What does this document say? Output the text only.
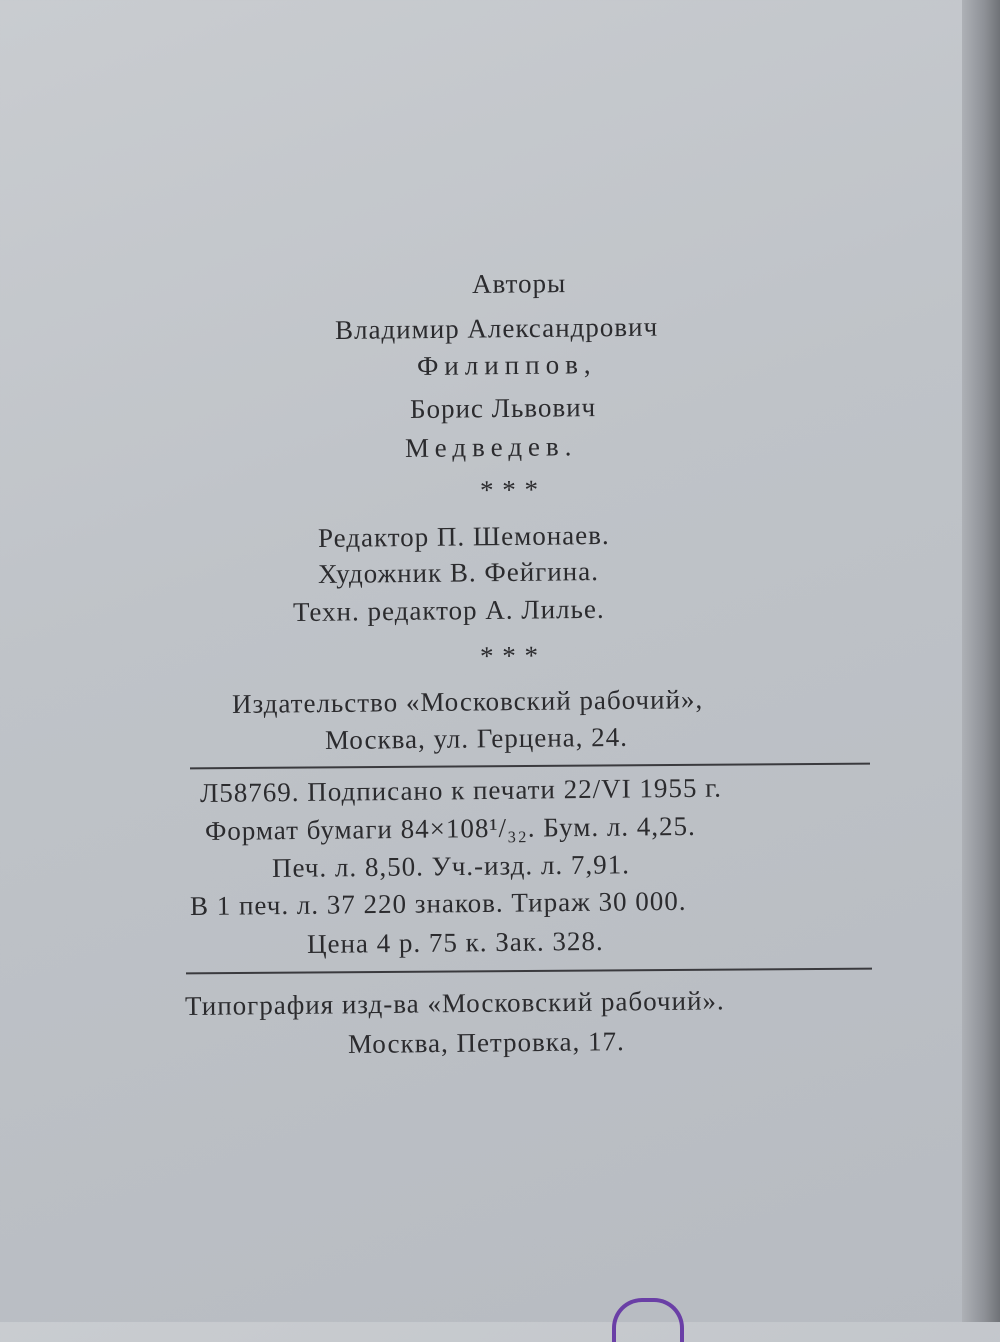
Авторы
Владимир Александрович
Филиппов,
Борис Львович
Медведев.
* * *
Редактор П. Шемонаев.
Художник В. Фейгина.
Техн. редактор А. Лилье.
* * *
Издательство «Московский рабочий»,
Москва, ул. Герцена, 24.
Л58769. Подписано к печати 22/VI 1955 г.
Формат бумаги 84×108¹/₃₂. Бум. л. 4,25.
Печ. л. 8,50. Уч.-изд. л. 7,91.
В 1 печ. л. 37 220 знаков. Тираж 30 000.
Цена 4 р. 75 к. Зак. 328.
Типография изд-ва «Московский рабочий».
Москва, Петровка, 17.
